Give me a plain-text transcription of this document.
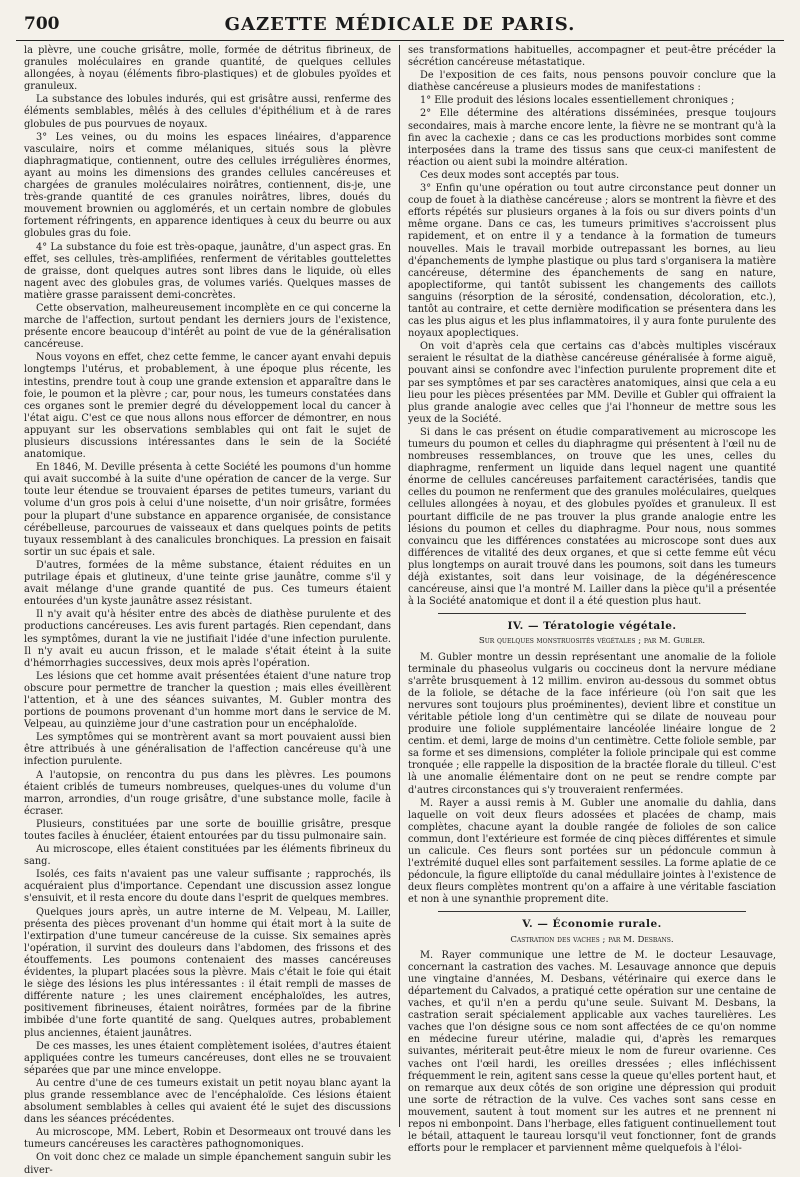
700	GAZETTE MÉDICALE DE PARIS.

la plèvre, une couche grisâtre, molle, formée de détritus fibrineux, de granules moléculaires en grande quantité, de quelques cellules allongées, à noyau (éléments fibro-plastiques) et de globules pyoïdes et granuleux.

La substance des lobules indurés, qui est grisâtre aussi, renferme des éléments semblables, mêlés à des cellules d'épithélium et à de rares globules de pus pourvues de noyaux.

3° Les veines, ou du moins les espaces linéaires, d'apparence vasculaire, noirs et comme mélaniques, situés sous la plèvre diaphragmatique, contiennent, outre des cellules irrégulières énormes, ayant au moins les dimensions des grandes cellules cancéreuses et chargées de granules moléculaires noirâtres, contiennent, dis-je, une très-grande quantité de ces granules noirâtres, libres, doués du mouvement brownien ou agglomérés, et un certain nombre de globules fortement réfringents, en apparence identiques à ceux du beurre ou aux globules gras du foie.

4° La substance du foie est très-opaque, jaunâtre, d'un aspect gras. En effet, ses cellules, très-amplifiées, renferment de véritables gouttelettes de graisse, dont quelques autres sont libres dans le liquide, où elles nagent avec des globules gras, de volumes variés. Quelques masses de matière grasse paraissent demi-concrètes.

Cette observation, malheureusement incomplète en ce qui concerne la marche de l'affection, surtout pendant les derniers jours de l'existence, présente encore beaucoup d'intérêt au point de vue de la généralisation cancéreuse.

Nous voyons en effet, chez cette femme, le cancer ayant envahi depuis longtemps l'utérus, et probablement, à une époque plus récente, les intestins, prendre tout à coup une grande extension et apparaître dans le foie, le poumon et la plèvre ; car, pour nous, les tumeurs constatées dans ces organes sont le premier degré du développement local du cancer à l'état aigu. C'est ce que nous allons nous efforcer de démontrer, en nous appuyant sur les observations semblables qui ont fait le sujet de plusieurs discussions intéressantes dans le sein de la Société anatomique.

En 1846, M. Deville présenta à cette Société les poumons d'un homme qui avait succombé à la suite d'une opération de cancer de la verge. Sur toute leur étendue se trouvaient éparses de petites tumeurs, variant du volume d'un gros pois à celui d'une noisette, d'un noir grisâtre, formées pour la plupart d'une substance en apparence organisée, de consistance cérébelleuse, parcourues de vaisseaux et dans quelques points de petits tuyaux ressemblant à des canalicules bronchiques. La pression en faisait sortir un suc épais et sale.

D'autres, formées de la même substance, étaient réduites en un putrilage épais et glutineux, d'une teinte grise jaunâtre, comme s'il y avait mélange d'une grande quantité de pus. Ces tumeurs étaient entourées d'un kyste jaunâtre assez résistant.

Il n'y avait qu'à hésiter entre des abcès de diathèse purulente et des productions cancéreuses. Les avis furent partagés. Rien cependant, dans les symptômes, durant la vie ne justifiait l'idée d'une infection purulente. Il n'y avait eu aucun frisson, et le malade s'était éteint à la suite d'hémorrhagies successives, deux mois après l'opération.

Les lésions que cet homme avait présentées étaient d'une nature trop obscure pour permettre de trancher la question ; mais elles éveillèrent l'attention, et à une des séances suivantes, M. Gubler montra des portions de poumons provenant d'un homme mort dans le service de M. Velpeau, au quinzième jour d'une castration pour un encéphaloïde.

Les symptômes qui se montrèrent avant sa mort pouvaient aussi bien être attribués à une généralisation de l'affection cancéreuse qu'à une infection purulente.

A l'autopsie, on rencontra du pus dans les plèvres. Les poumons étaient criblés de tumeurs nombreuses, quelques-unes du volume d'un marron, arrondies, d'un rouge grisâtre, d'une substance molle, facile à écraser.

Plusieurs, constituées par une sorte de bouillie grisâtre, presque toutes faciles à énucléer, étaient entourées par du tissu pulmonaire sain.

Au microscope, elles étaient constituées par les éléments fibrineux du sang.

Isolés, ces faits n'avaient pas une valeur suffisante ; rapprochés, ils acquéraient plus d'importance. Cependant une discussion assez longue s'ensuivit, et il resta encore du doute dans l'esprit de quelques membres.

Quelques jours après, un autre interne de M. Velpeau, M. Lailler, présenta des pièces provenant d'un homme qui était mort à la suite de l'extirpation d'une tumeur cancéreuse de la cuisse. Six semaines après l'opération, il survint des douleurs dans l'abdomen, des frissons et des étouffements. Les poumons contenaient des masses cancéreuses évidentes, la plupart placées sous la plèvre. Mais c'était le foie qui était le siège des lésions les plus intéressantes : il était rempli de masses de différente nature ; les unes clairement encéphaloïdes, les autres, positivement fibrineuses, étaient noirâtres, formées par de la fibrine imbibée d'une forte quantité de sang. Quelques autres, probablement plus anciennes, étaient jaunâtres.

De ces masses, les unes étaient complètement isolées, d'autres étaient appliquées contre les tumeurs cancéreuses, dont elles ne se trouvaient séparées que par une mince enveloppe.

Au centre d'une de ces tumeurs existait un petit noyau blanc ayant la plus grande ressemblance avec de l'encéphaloïde. Ces lésions étaient absolument semblables à celles qui avaient été le sujet des discussions dans les séances précédentes.

Au microscope, MM. Lebert, Robin et Desormeaux ont trouvé dans les tumeurs cancéreuses les caractères pathognomoniques.

On voit donc chez ce malade un simple épanchement sanguin subir les diver-

ses transformations habituelles, accompagner et peut-être précéder la sécrétion cancéreuse métastatique.

De l'exposition de ces faits, nous pensons pouvoir conclure que la diathèse cancéreuse a plusieurs modes de manifestations :

1° Elle produit des lésions locales essentiellement chroniques ;

2° Elle détermine des altérations disséminées, presque toujours secondaires, mais à marche encore lente, la fièvre ne se montrant qu'à la fin avec la cachexie ; dans ce cas les productions morbides sont comme interposées dans la trame des tissus sans que ceux-ci manifestent de réaction ou aient subi la moindre altération.

Ces deux modes sont acceptés par tous.

3° Enfin qu'une opération ou tout autre circonstance peut donner un coup de fouet à la diathèse cancéreuse ; alors se montrent la fièvre et des efforts répétés sur plusieurs organes à la fois ou sur divers points d'un même organe. Dans ce cas, les tumeurs primitives s'accroissent plus rapidement, et on entre il y a tendance à la formation de tumeurs nouvelles. Mais le travail morbide outrepassant les bornes, au lieu d'épanchements de lymphe plastique ou plus tard s'organisera la matière cancéreuse, détermine des épanchements de sang en nature, apoplectiforme, qui tantôt subissent les changements des caillots sanguins (résorption de la sérosité, condensation, décoloration, etc.), tantôt au contraire, et cette dernière modification se présentera dans les cas les plus aigus et les plus inflammatoires, il y aura fonte purulente des noyaux apoplectiques.

On voit d'après cela que certains cas d'abcès multiples viscéraux seraient le résultat de la diathèse cancéreuse généralisée à forme aiguë, pouvant ainsi se confondre avec l'infection purulente proprement dite et par ses symptômes et par ses caractères anatomiques, ainsi que cela a eu lieu pour les pièces présentées par MM. Deville et Gubler qui offraient la plus grande analogie avec celles que j'ai l'honneur de mettre sous les yeux de la Société.

Si dans le cas présent on étudie comparativement au microscope les tumeurs du poumon et celles du diaphragme qui présentent à l'œil nu de nombreuses ressemblances, on trouve que les unes, celles du diaphragme, renferment un liquide dans lequel nagent une quantité énorme de cellules cancéreuses parfaitement caractérisées, tandis que celles du poumon ne renferment que des granules moléculaires, quelques cellules allongées à noyau, et des globules pyoïdes et granuleux. Il est pourtant difficile de ne pas trouver la plus grande analogie entre les lésions du poumon et celles du diaphragme. Pour nous, nous sommes convaincu que les différences constatées au microscope sont dues aux différences de vitalité des deux organes, et que si cette femme eût vécu plus longtemps on aurait trouvé dans les poumons, soit dans les tumeurs déjà existantes, soit dans leur voisinage, de la dégénérescence cancéreuse, ainsi que l'a montré M. Lailler dans la pièce qu'il a présentée à la Société anatomique et dont il a été question plus haut.

IV. — Tératologie végétale.
Sur quelques monstruosités végétales ; par M. Gubler.

M. Gubler montre un dessin représentant une anomalie de la foliole terminale du phaseolus vulgaris ou coccineus dont la nervure médiane s'arrête brusquement à 12 millim. environ au-dessous du sommet obtus de la foliole, se détache de la face inférieure (où l'on sait que les nervures sont toujours plus proéminentes), devient libre et constitue un véritable pétiole long d'un centimètre qui se dilate de nouveau pour produire une foliole supplémentaire lancéolée linéaire longue de 2 centim. et demi, large de moins d'un centimètre. Cette foliole semble, par sa forme et ses dimensions, compléter la foliole principale qui est comme tronquée ; elle rappelle la disposition de la bractée florale du tilleul. C'est là une anomalie élémentaire dont on ne peut se rendre compte par d'autres circonstances qui s'y trouveraient renfermées.

M. Rayer a aussi remis à M. Gubler une anomalie du dahlia, dans laquelle on voit deux fleurs adossées et placées de champ, mais complètes, chacune ayant la double rangée de folioles de son calice commun, dont l'extérieure est formée de cinq pièces différentes et simule un calicule. Ces fleurs sont portées sur un pédoncule commun à l'extrémité duquel elles sont parfaitement sessiles. La forme aplatie de ce pédoncule, la figure elliptoïde du canal médullaire jointes à l'existence de deux fleurs complètes montrent qu'on a affaire à une véritable fasciation et non à une synanthie proprement dite.

V. — Économie rurale.
Castration des vaches ; par M. Desbans.

M. Rayer communique une lettre de M. le docteur Lesauvage, concernant la castration des vaches. M. Lesauvage annonce que depuis une vingtaine d'années, M. Desbans, vétérinaire qui exerce dans le département du Calvados, a pratiqué cette opération sur une centaine de vaches, et qu'il n'en a perdu qu'une seule. Suivant M. Desbans, la castration serait spécialement applicable aux vaches taurelières. Les vaches que l'on désigne sous ce nom sont affectées de ce qu'on nomme en médecine fureur utérine, maladie qui, d'après les remarques suivantes, mériterait peut-être mieux le nom de fureur ovarienne. Ces vaches ont l'œil hardi, les oreilles dressées ; elles infléchissent fréquemment le rein, agitent sans cesse la queue qu'elles portent haut, et on remarque aux deux côtés de son origine une dépression qui produit une sorte de rétraction de la vulve. Ces vaches sont sans cesse en mouvement, sautent à tout moment sur les autres et ne prennent ni repos ni embonpoint. Dans l'herbage, elles fatiguent continuellement tout le bétail, attaquent le taureau lorsqu'il veut fonctionner, font de grands efforts pour le remplacer et parviennent même quelquefois à l'éloi-
